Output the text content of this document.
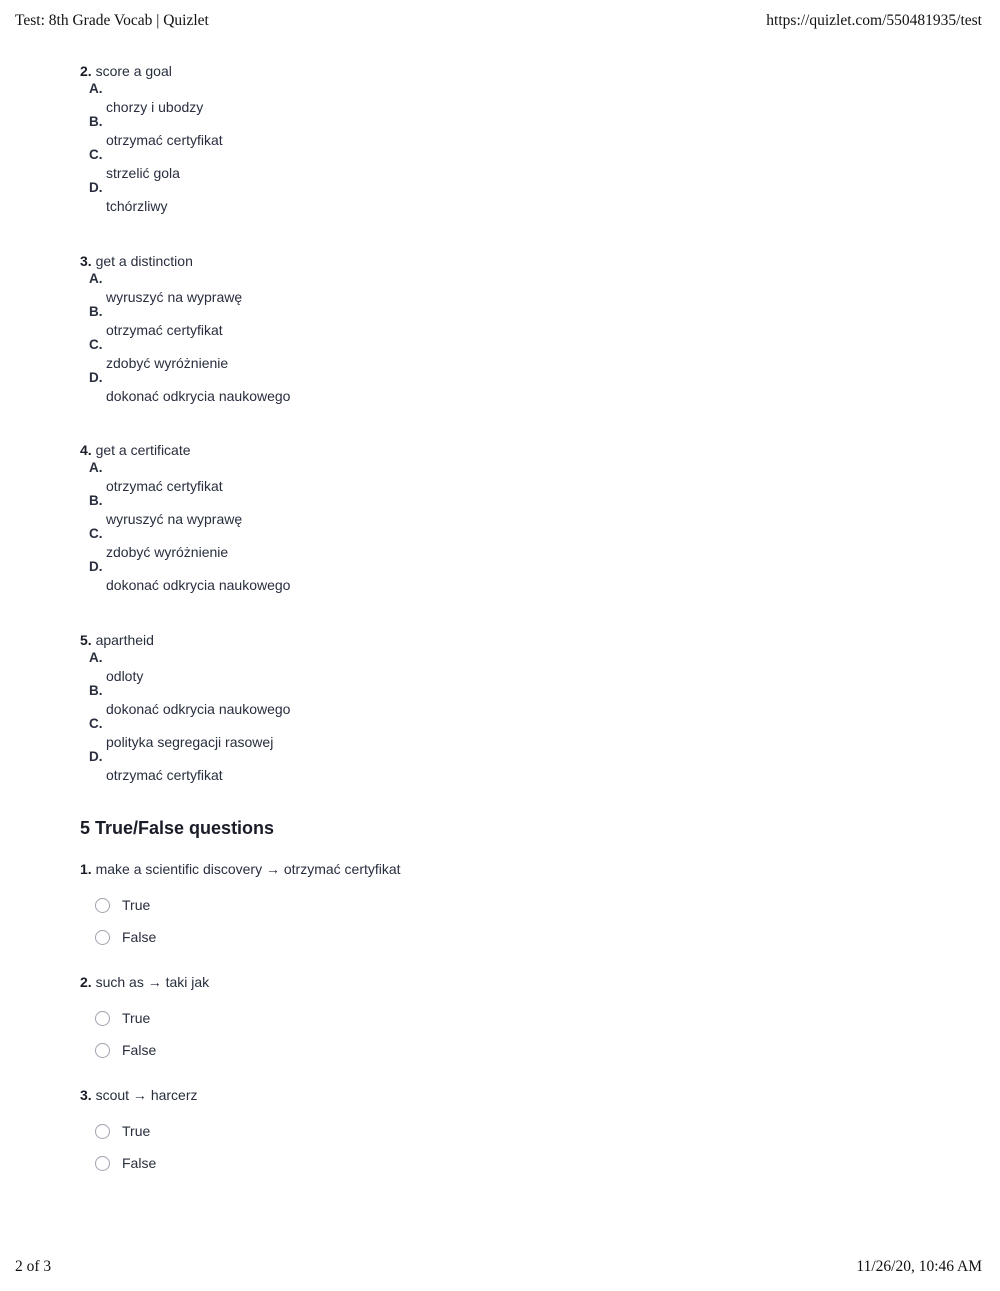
Test: 8th Grade Vocab | Quizlet	https://quizlet.com/550481935/test
2. score a goal
A.
chorzy i ubodzy
B.
otrzymać certyfikat
C.
strzelić gola
D.
tchórzliwy
3. get a distinction
A.
wyruszyć na wyprawę
B.
otrzymać certyfikat
C.
zdobyć wyróżnienie
D.
dokonać odkrycia naukowego
4. get a certificate
A.
otrzymać certyfikat
B.
wyruszyć na wyprawę
C.
zdobyć wyróżnienie
D.
dokonać odkrycia naukowego
5. apartheid
A.
odloty
B.
dokonać odkrycia naukowego
C.
polityka segregacji rasowej
D.
otrzymać certyfikat
5 True/False questions
1. make a scientific discovery → otrzymać certyfikat
True
False
2. such as → taki jak
True
False
3. scout → harcerz
True
False
2 of 3	11/26/20, 10:46 AM
